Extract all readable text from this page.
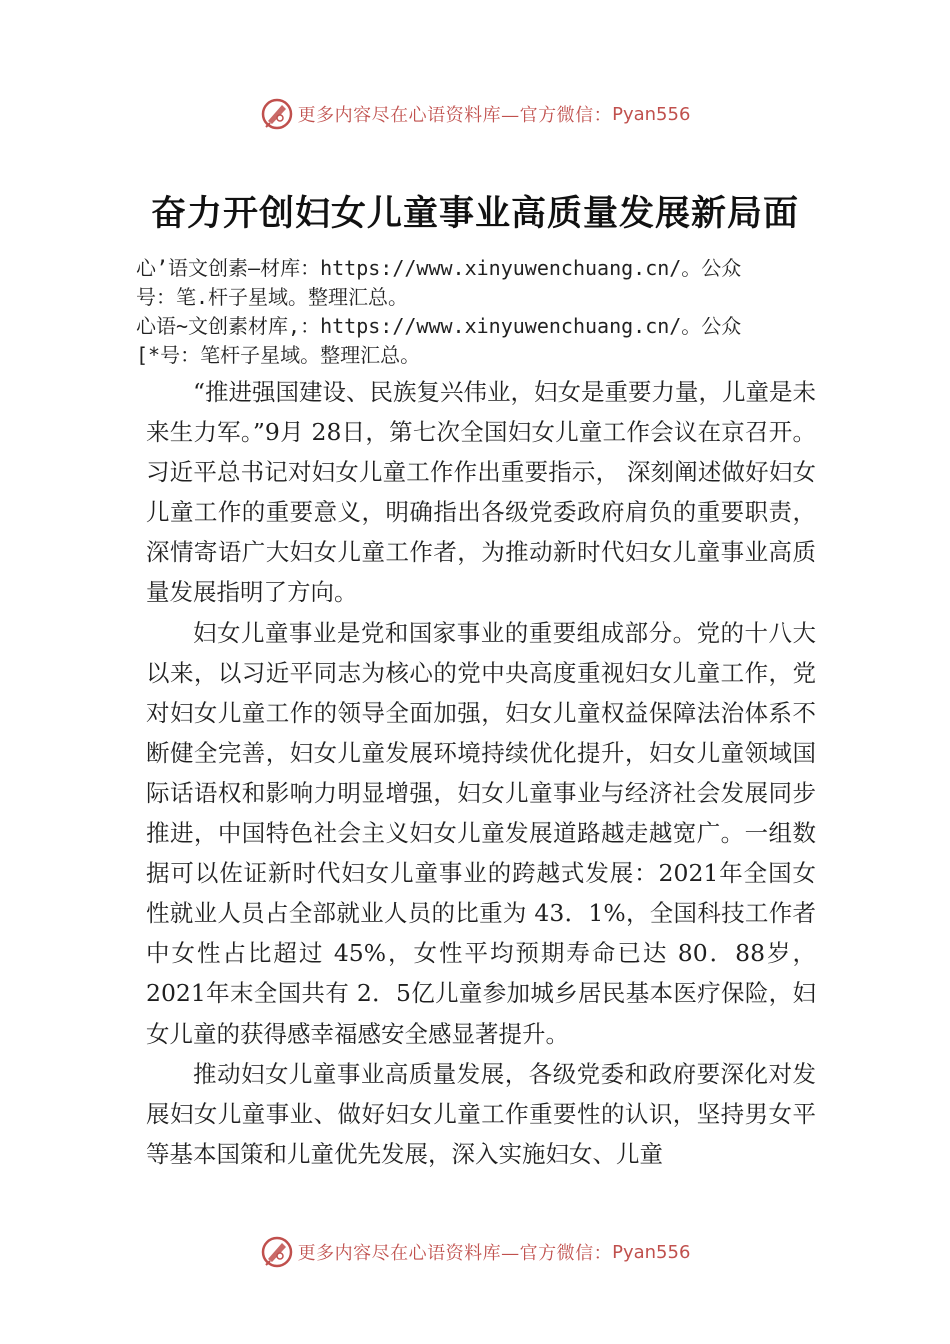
更多内容尽在心语资料库—官方微信： Pyan556
奋力开创妇女儿童事业高质量发展新局面
心’语文创素—材库：https://www.xinyuwenchuang.cn/。公众
号：笔.杆子星域。整理汇总。
心语~文创素材库,：https://www.xinyuwenchuang.cn/。公众
[*号：笔杆子星域。整理汇总。

“推进强国建设、民族复兴伟业，妇女是重要力量，儿童是未来生力军。”9月 28日，第七次全国妇女儿童工作会议在京召开。习近平总书记对妇女儿童工作作出重要指示， 深刻阐述做好妇女儿童工作的重要意义，明确指出各级党委政府肩负的重要职责，深情寄语广大妇女儿童工作者，为推动新时代妇女儿童事业高质量发展指明了方向。

妇女儿童事业是党和国家事业的重要组成部分。党的十八大以来，以习近平同志为核心的党中央高度重视妇女儿童工作，党对妇女儿童工作的领导全面加强，妇女儿童权益保障法治体系不断健全完善，妇女儿童发展环境持续优化提升，妇女儿童领域国际话语权和影响力明显增强，妇女儿童事业与经济社会发展同步推进，中国特色社会主义妇女儿童发展道路越走越宽广。一组数据可以佐证新时代妇女儿童事业的跨越式发展：2021年全国女性就业人员占全部就业人员的比重为 43．1%，全国科技工作者中女性占比超过 45%，女性平均预期寿命已达 80．88岁，2021年末全国共有 2．5亿儿童参加城乡居民基本医疗保险，妇女儿童的获得感幸福感安全感显著提升。

推动妇女儿童事业高质量发展，各级党委和政府要深化对发展妇女儿童事业、做好妇女儿童工作重要性的认识，坚持男女平等基本国策和儿童优先发展，深入实施妇女、儿童

更多内容尽在心语资料库—官方微信： Pyan556
